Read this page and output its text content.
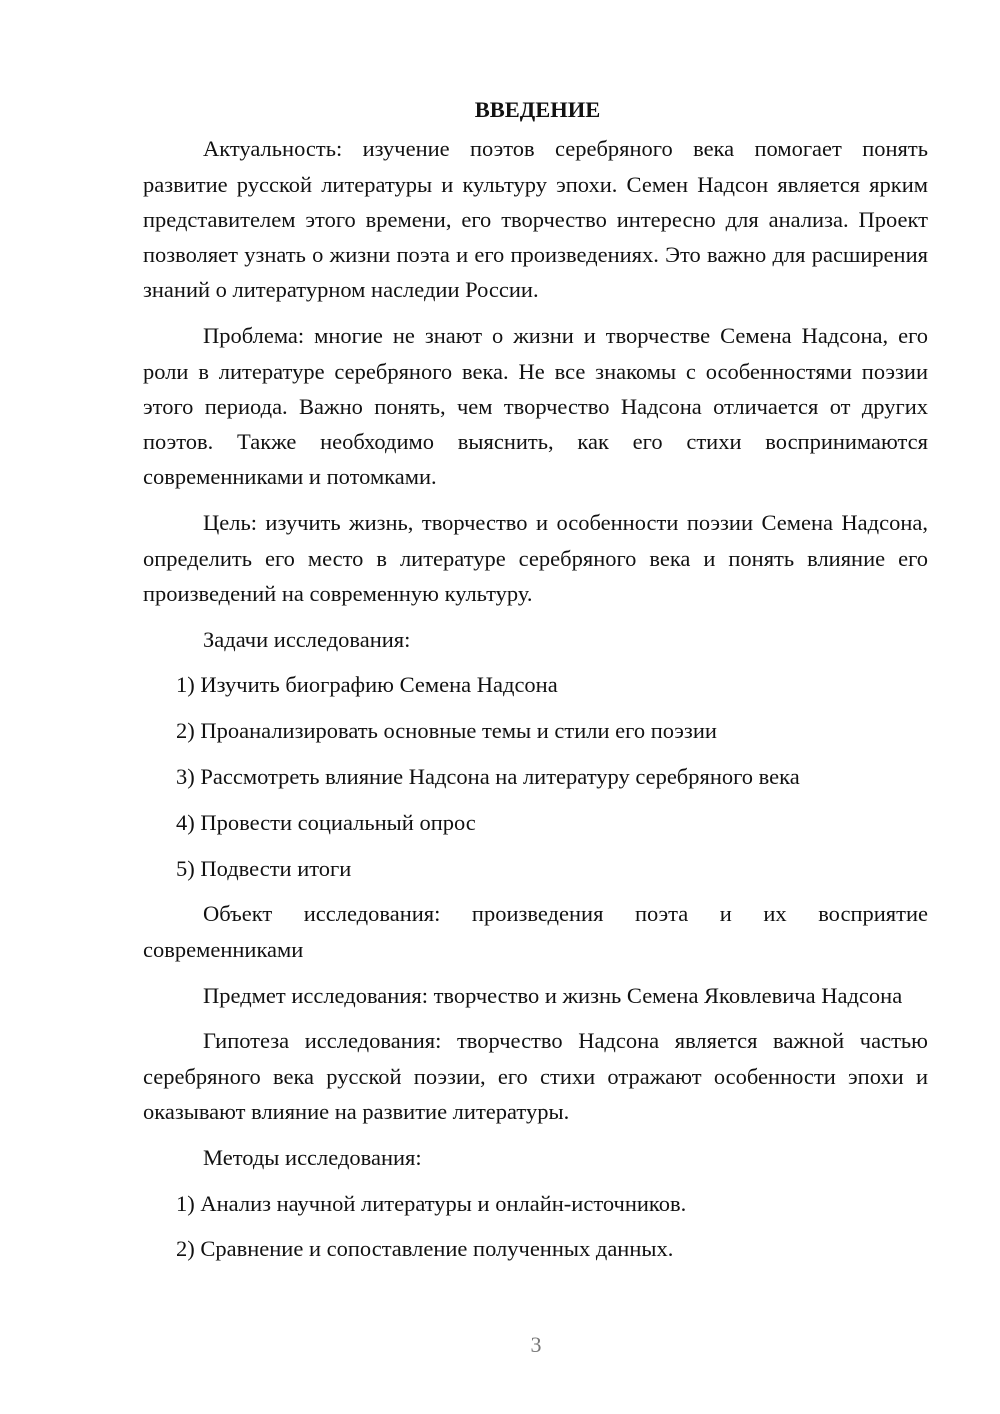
ВВЕДЕНИЕ

Актуальность: изучение поэтов серебряного века помогает понять развитие русской литературы и культуру эпохи. Семен Надсон является ярким представителем этого времени, его творчество интересно для анализа. Проект позволяет узнать о жизни поэта и его произведениях. Это важно для расширения знаний о литературном наследии России.

Проблема: многие не знают о жизни и творчестве Семена Надсона, его роли в литературе серебряного века. Не все знакомы с особенностями поэзии этого периода. Важно понять, чем творчество Надсона отличается от других поэтов. Также необходимо выяснить, как его стихи воспринимаются современниками и потомками.

Цель: изучить жизнь, творчество и особенности поэзии Семена Надсона, определить его место в литературе серебряного века и понять влияние его произведений на современную культуру.

Задачи исследования:

1) Изучить биографию Семена Надсона
2) Проанализировать основные темы и стили его поэзии
3) Рассмотреть влияние Надсона на литературу серебряного века
4) Провести социальный опрос
5) Подвести итоги

Объект исследования: произведения поэта и их восприятие современниками

Предмет исследования: творчество и жизнь Семена Яковлевича Надсона

Гипотеза исследования: творчество Надсона является важной частью серебряного века русской поэзии, его стихи отражают особенности эпохи и оказывают влияние на развитие литературы.

Методы исследования:

1) Анализ научной литературы и онлайн-источников.
2) Сравнение и сопоставление полученных данных.
3
